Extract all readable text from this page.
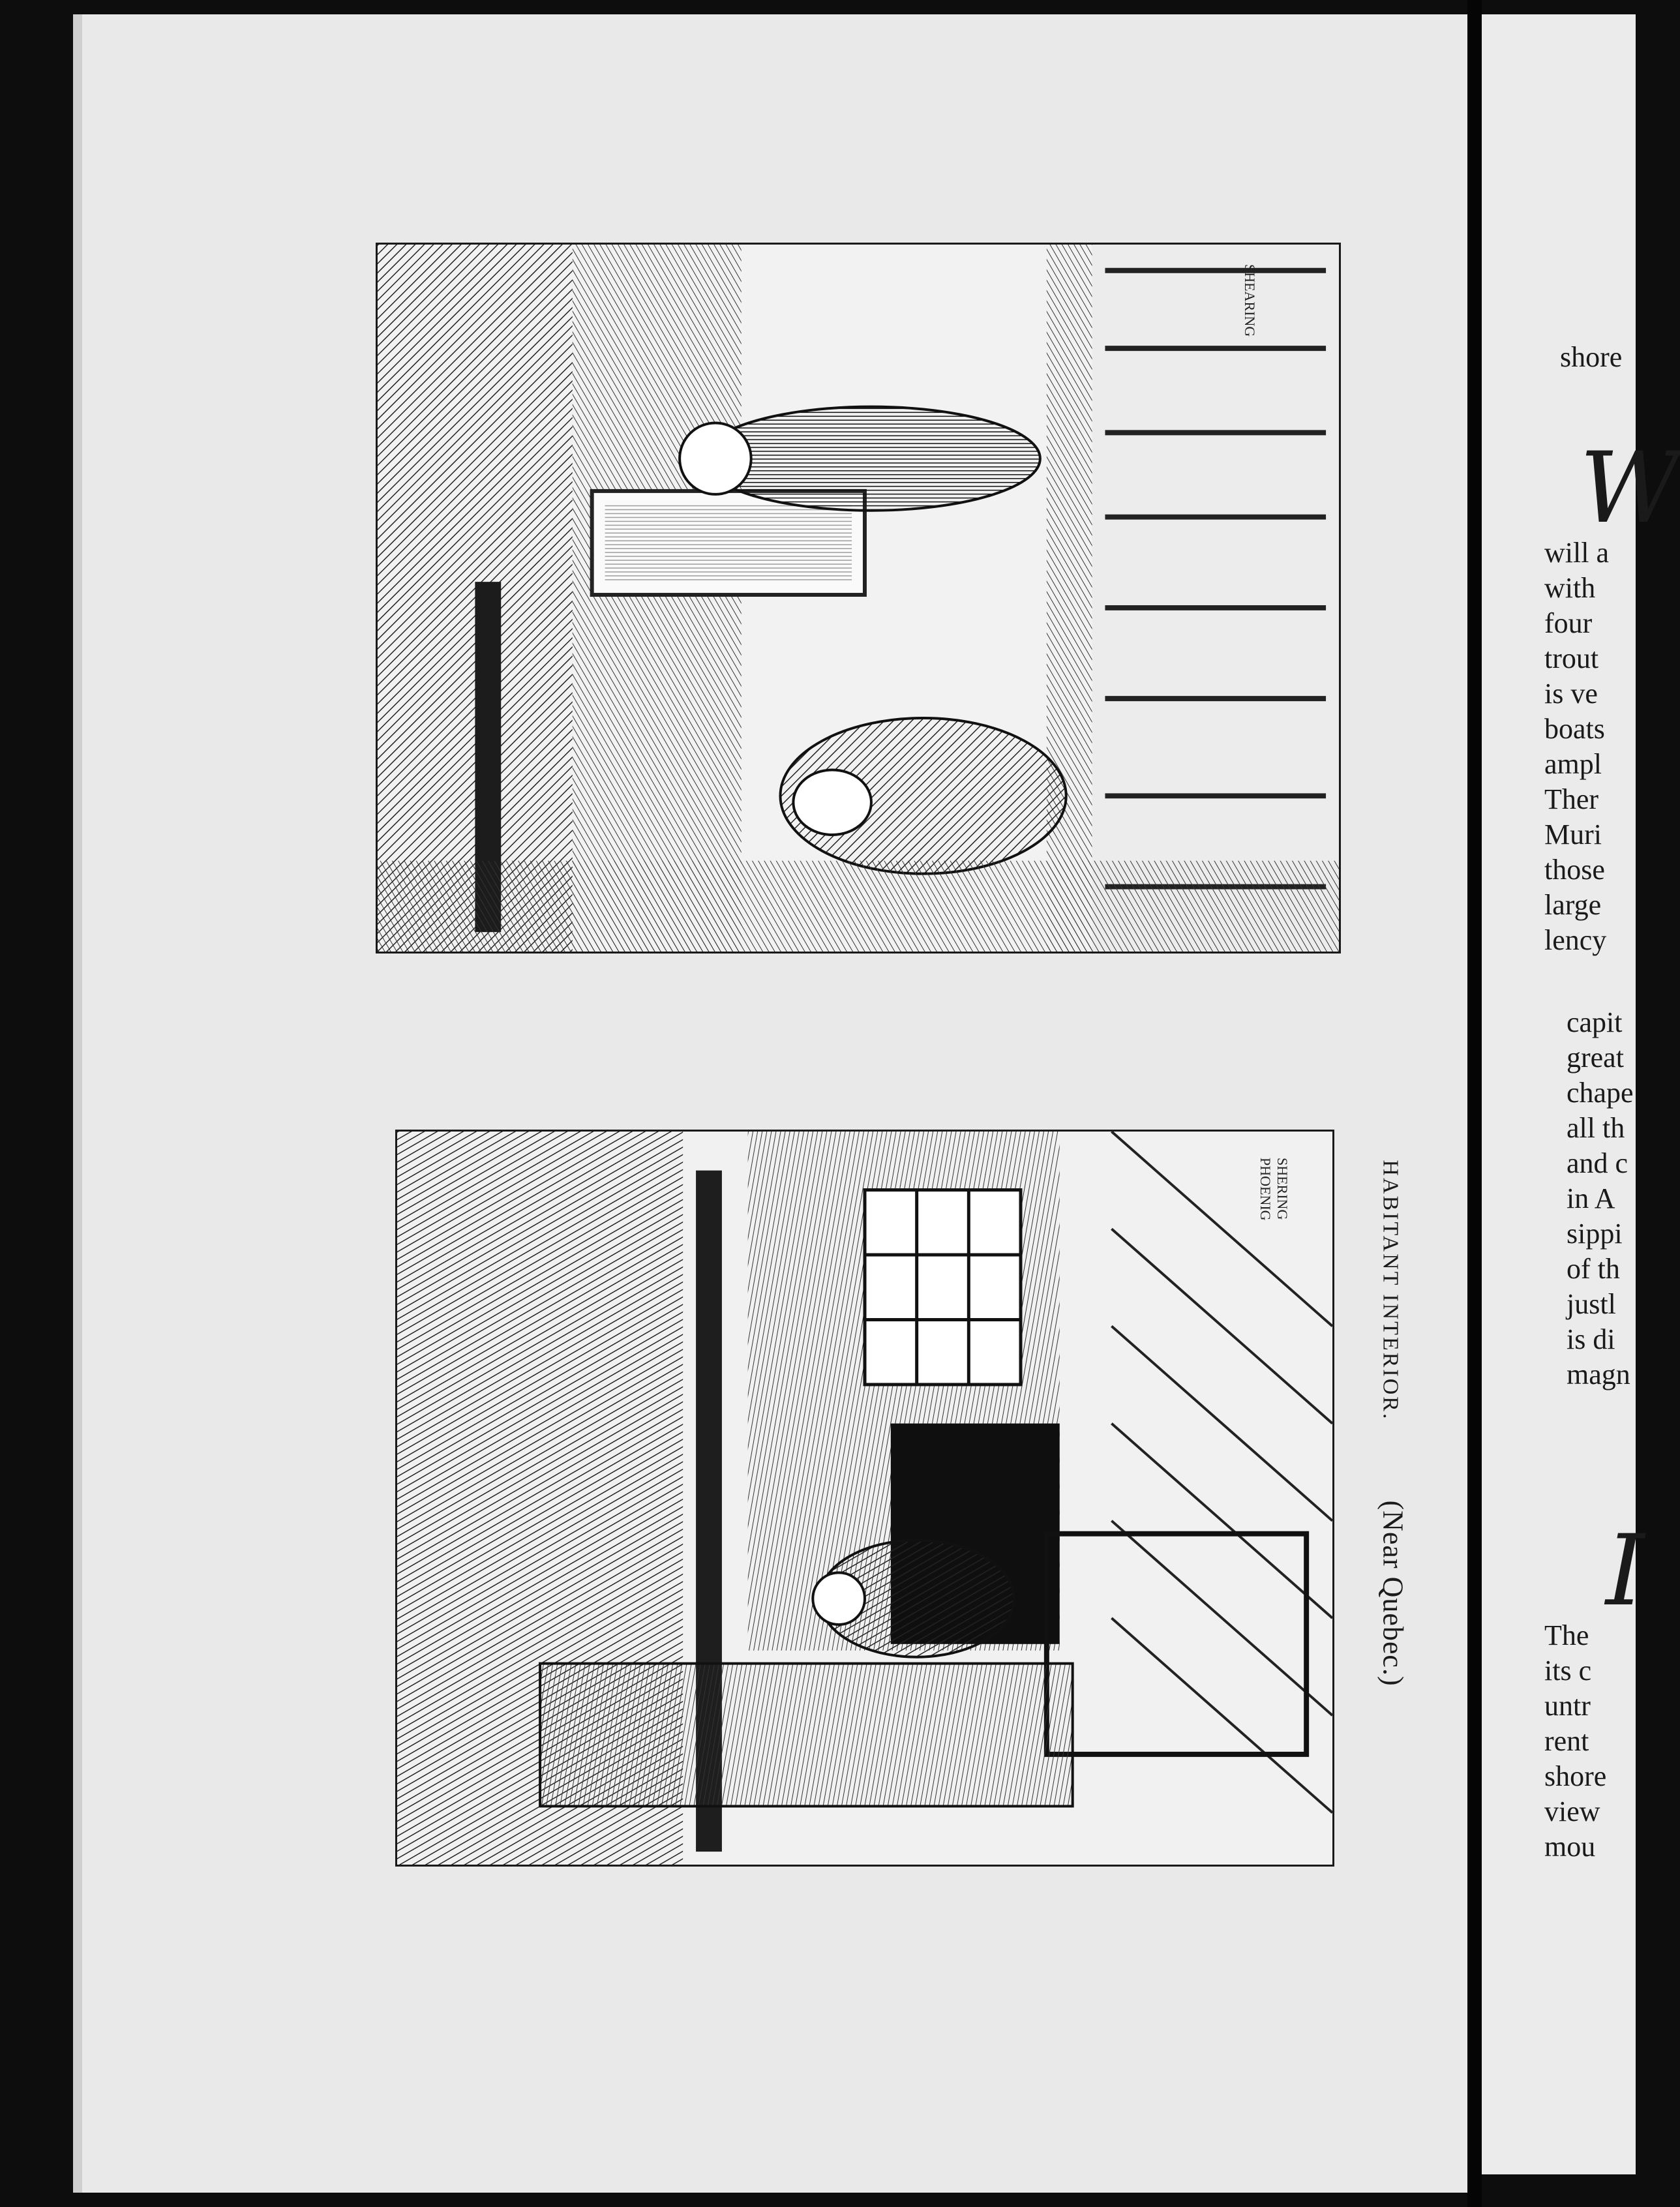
SHEARING
SHERING PHOENIG	HABITANT INTERIOR. (Near Quebec.)
shore
W
will a
with
four
trout
is ve
boats
ampl
Ther
Muri
those
large
lency
capit
great
chape
all th
and c
in A
sippi
of th
justl
is di
magn
I
The
its c
untr
rent
shore
view
mou
